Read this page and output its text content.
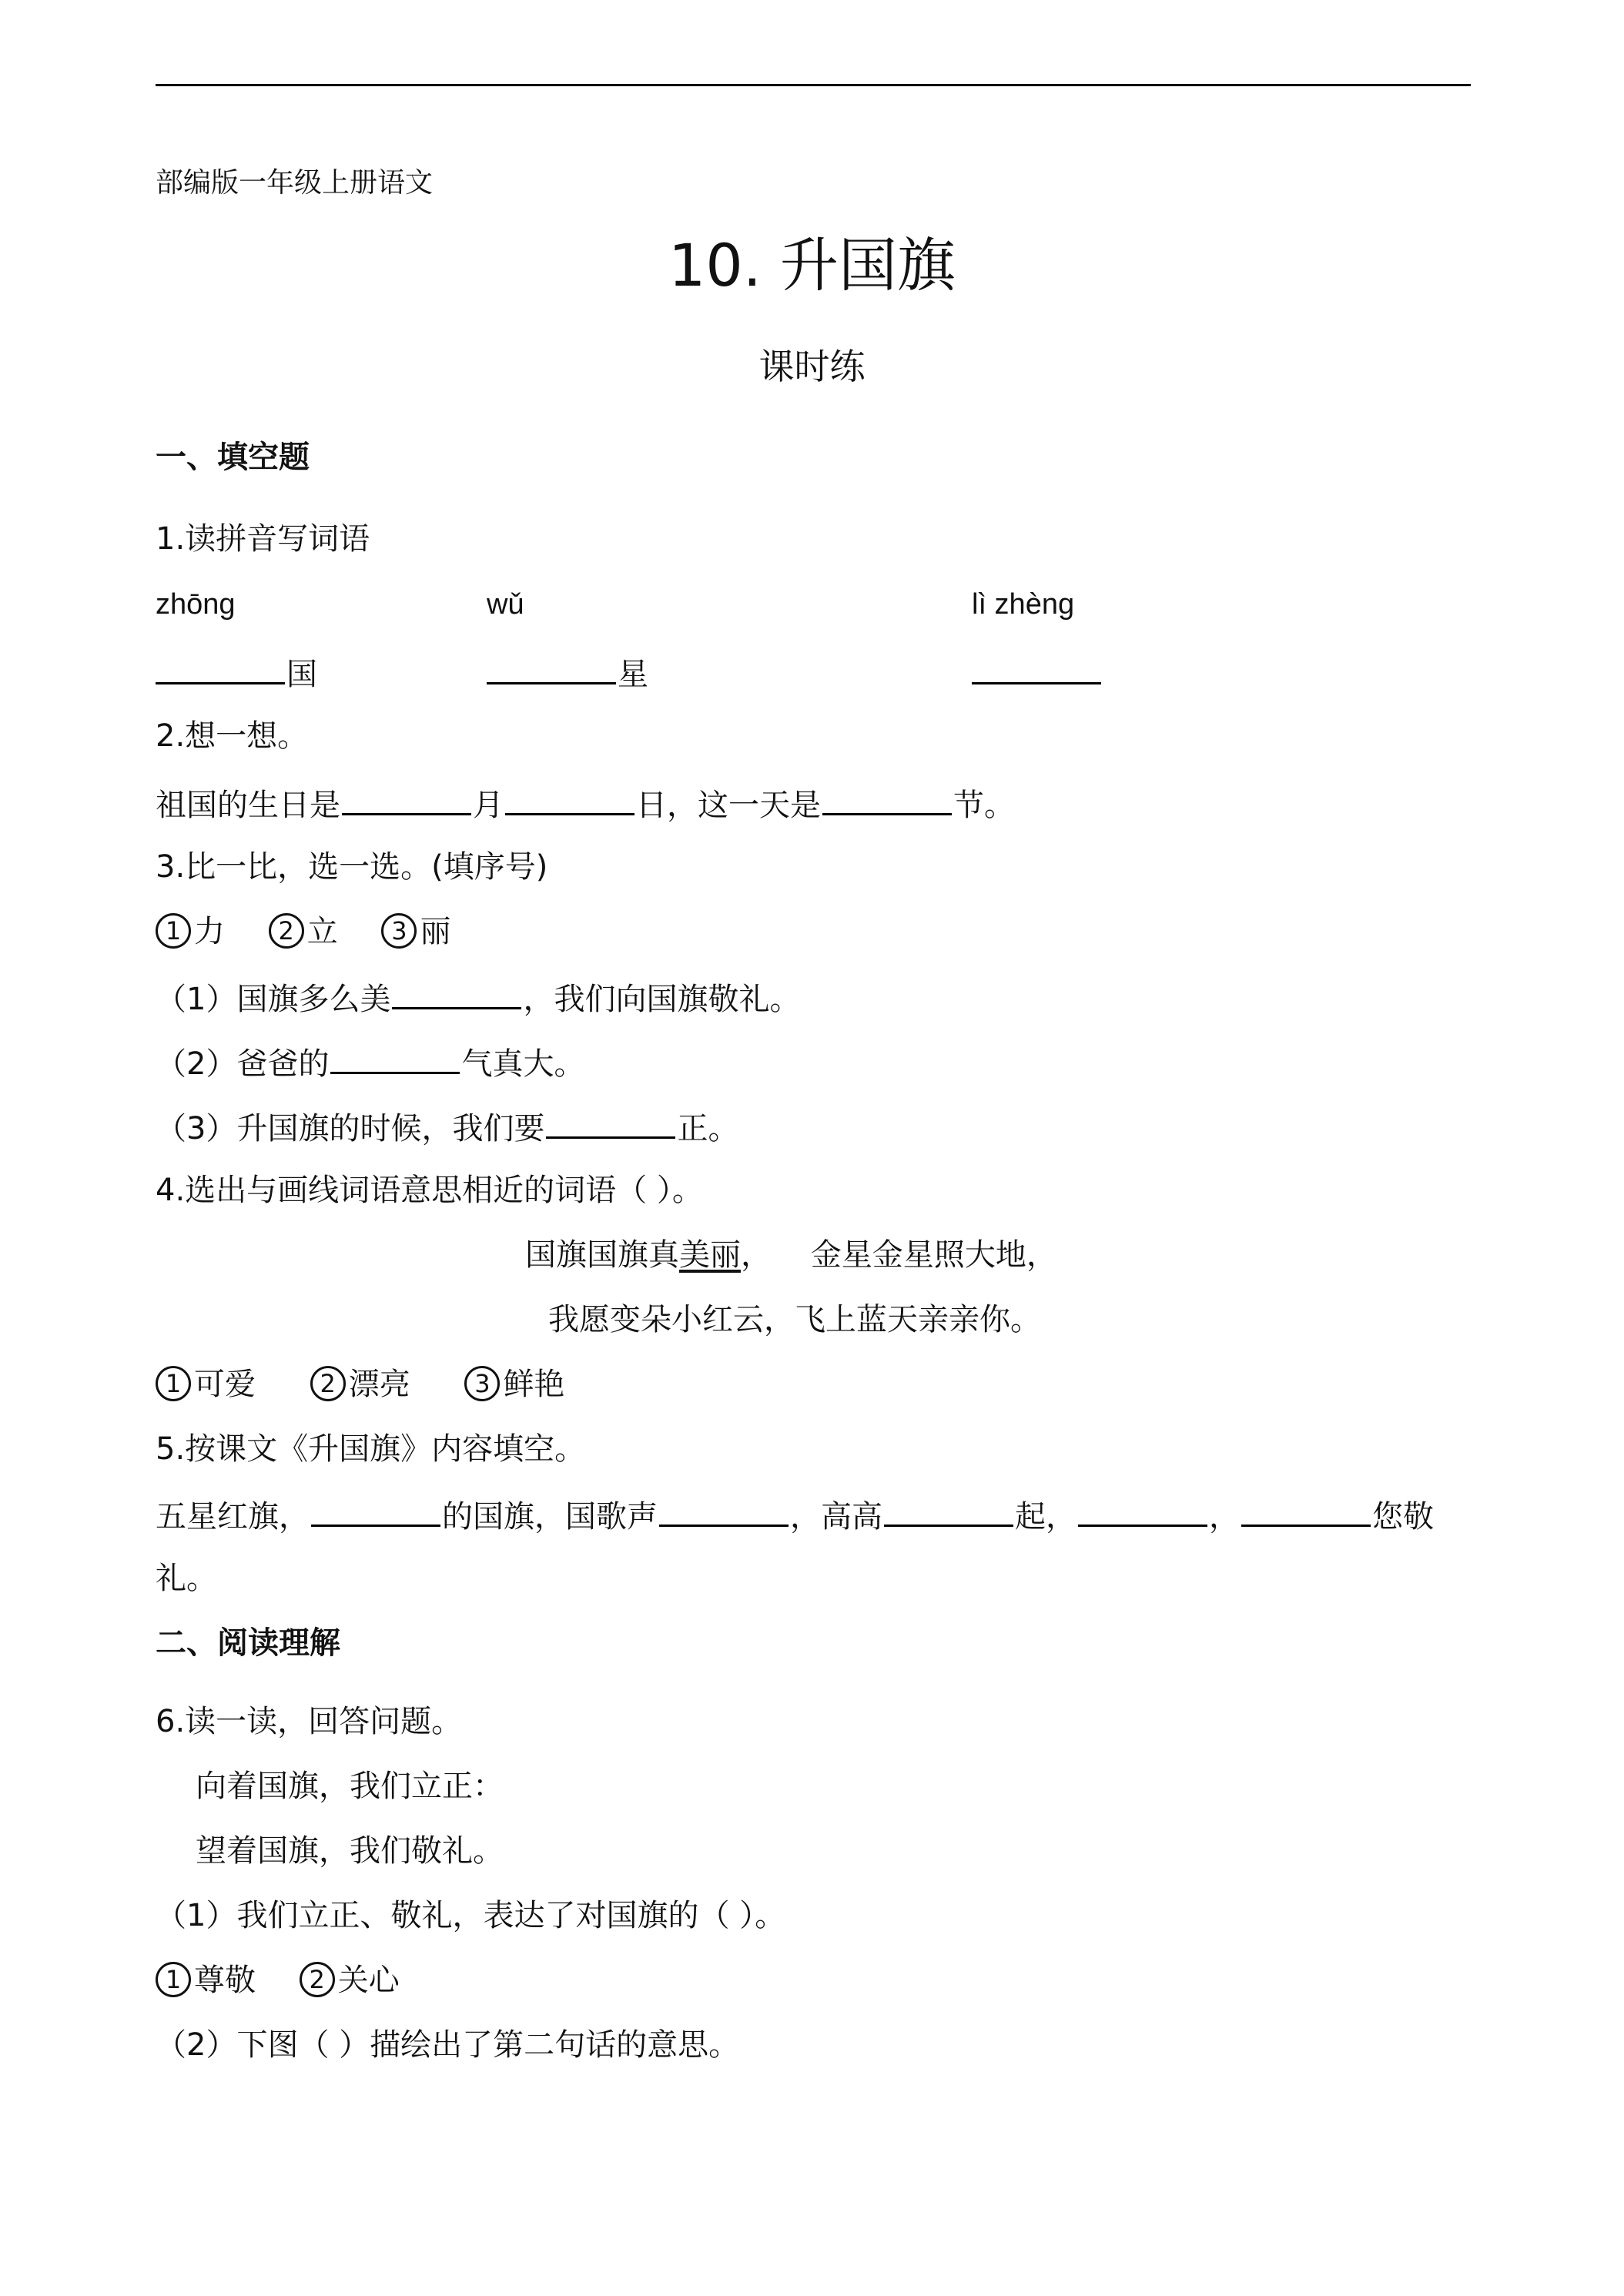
部编版一年级上册语文
10. 升国旗
课时练
一、填空题
1.读拼音写词语
zhōng	wǔ	lì zhèng
国	星
2.想一想。
祖国的生日是	月	日，这一天是	节。
3.比一比，选一选。(填序号)
1 力 2 立 3 丽
（1）国旗多么美	，我们向国旗敬礼。
（2）爸爸的	气真大。
（3）升国旗的时候，我们要	正。
4.选出与画线词语意思相近的词语（ ）。
国旗国旗真美丽，    金星金星照大地，
我愿变朵小红云，飞上蓝天亲亲你。
1 可爱	2 漂亮	3 鲜艳
5.按课文《升国旗》内容填空。
五星红旗，	的国旗，国歌声	，高高	起，	，	您敬
礼。
二、阅读理解
6.读一读，回答问题。
向着国旗，我们立正：
望着国旗，我们敬礼。
（1）我们立正、敬礼，表达了对国旗的（ ）。
1 尊敬 2 关心
（2）下图（ ）描绘出了第二句话的意思。
